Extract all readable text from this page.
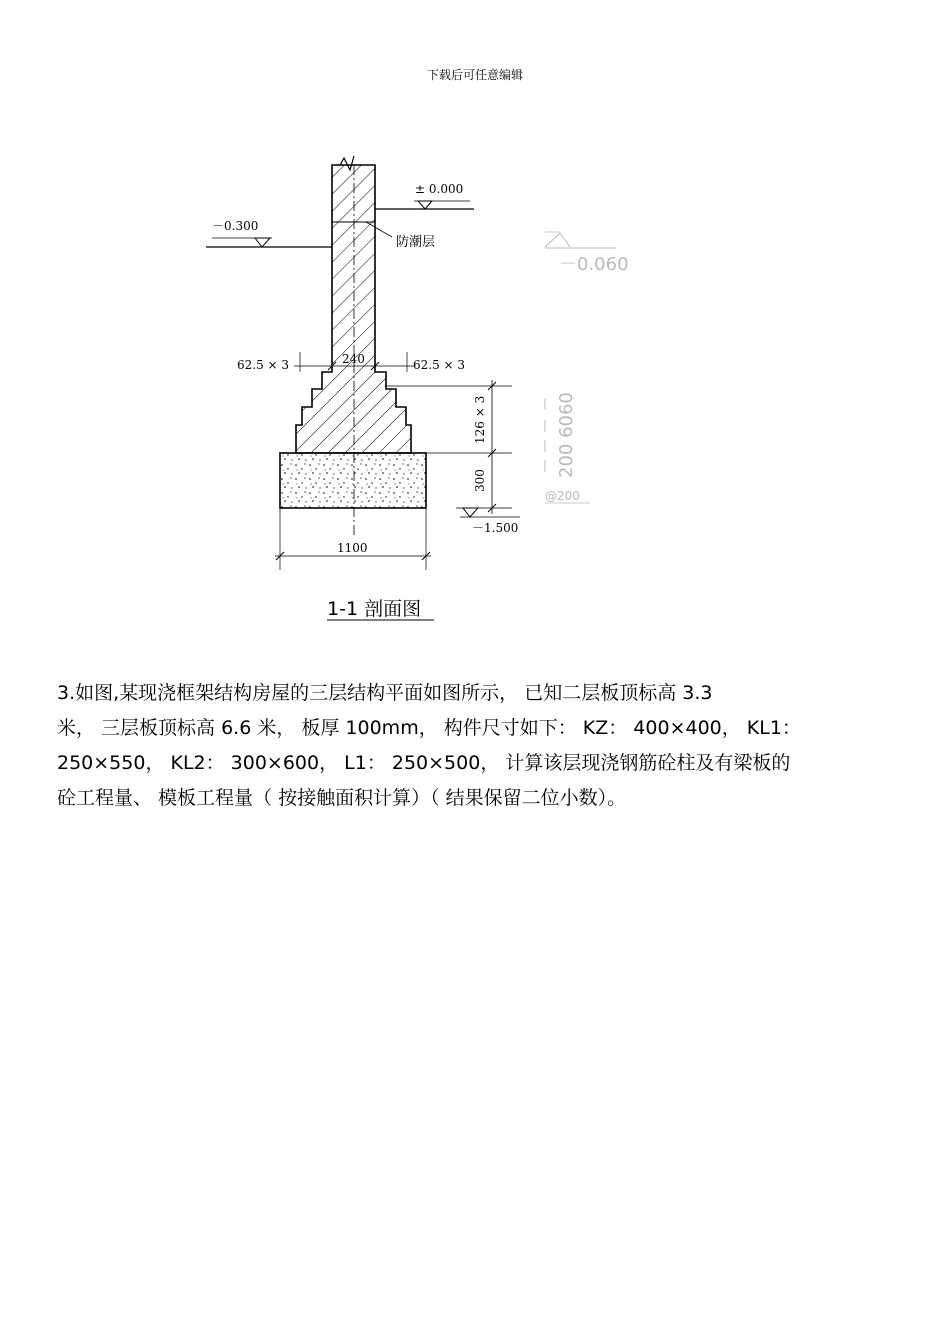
下载后可任意编辑
± 0.000
－0.300
防潮层
－0.060
240
62.5 × 3	62.5 × 3
126 × 3
300
－1.500
200 6060
@200
1100
1-1 剖面图
3.如图,某现浇框架结构房屋的三层结构平面如图所示， 已知二层板顶标高 3.3
米， 三层板顶标高 6.6 米， 板厚 100mm， 构件尺寸如下： KZ： 400×400， KL1：
250×550， KL2： 300×600， L1： 250×500， 计算该层现浇钢筋砼柱及有梁板的
砼工程量、 模板工程量（ 按接触面积计算）（ 结果保留二位小数）。
